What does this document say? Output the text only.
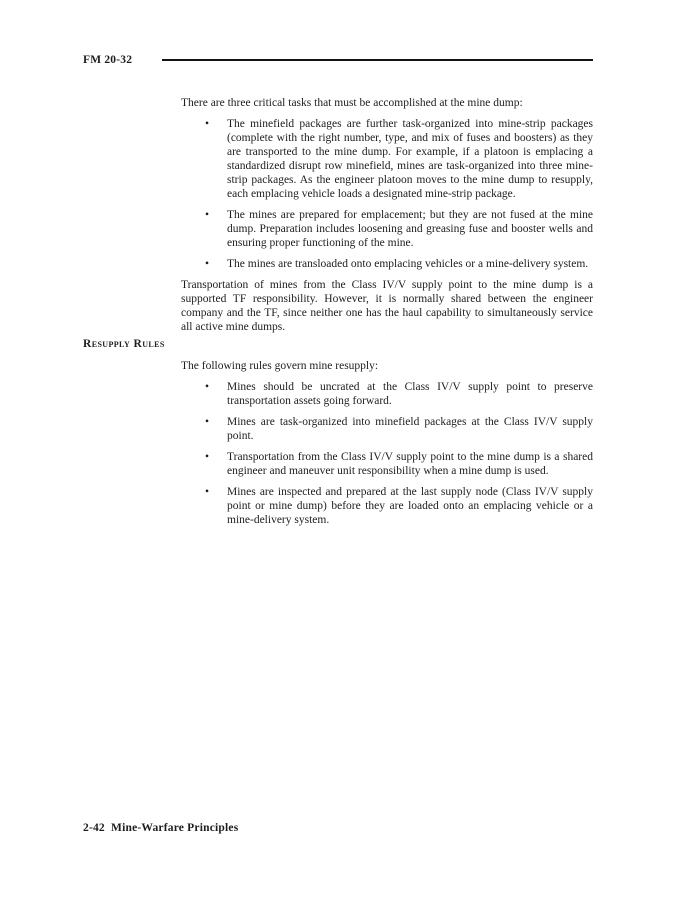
FM 20-32
Resupply Rules

There are three critical tasks that must be accomplished at the mine dump:

• The minefield packages are further task-organized into mine-strip packages (complete with the right number, type, and mix of fuses and boosters) as they are transported to the mine dump. For example, if a platoon is emplacing a standardized disrupt row minefield, mines are task-organized into three mine-strip packages. As the engineer platoon moves to the mine dump to resupply, each emplacing vehicle loads a designated mine-strip package.
• The mines are prepared for emplacement; but they are not fused at the mine dump. Preparation includes loosening and greasing fuse and booster wells and ensuring proper functioning of the mine.
• The mines are transloaded onto emplacing vehicles or a mine-delivery system.

Transportation of mines from the Class IV/V supply point to the mine dump is a supported TF responsibility. However, it is normally shared between the engineer company and the TF, since neither one has the haul capability to simultaneously service all active mine dumps.

The following rules govern mine resupply:

• Mines should be uncrated at the Class IV/V supply point to preserve transportation assets going forward.
• Mines are task-organized into minefield packages at the Class IV/V supply point.
• Transportation from the Class IV/V supply point to the mine dump is a shared engineer and maneuver unit responsibility when a mine dump is used.
• Mines are inspected and prepared at the last supply node (Class IV/V supply point or mine dump) before they are loaded onto an emplacing vehicle or a mine-delivery system.
2-42  Mine-Warfare Principles
